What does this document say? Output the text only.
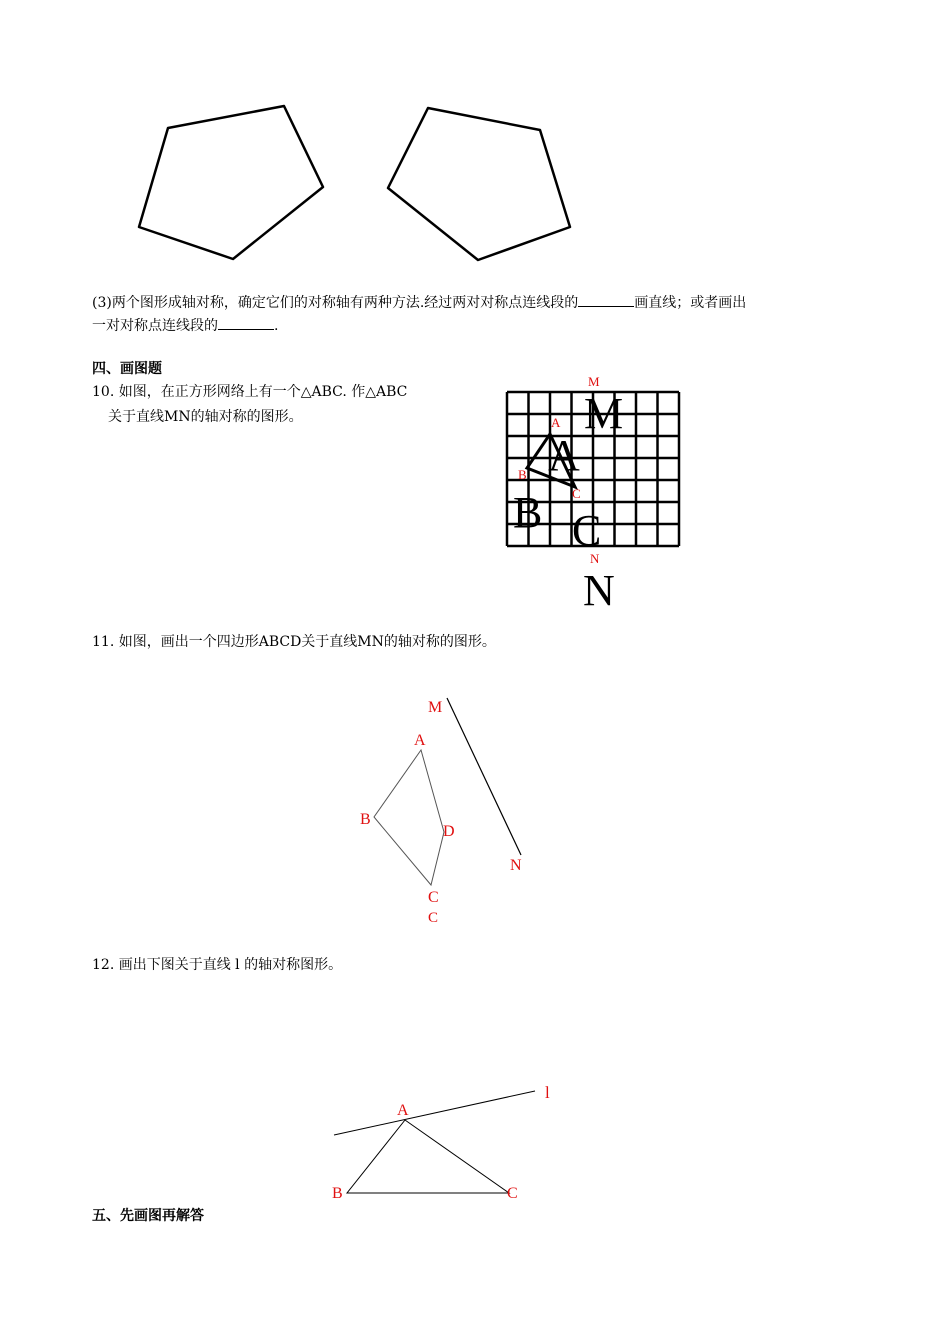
(3)两个图形成轴对称，确定它们的对称轴有两种方法.经过两对对称点连线段的	画直线；或者画出
一对对称点连线段的	.
四、画图题
10. 如图，在正方形网络上有一个△ABC. 作△ABC
关于直线MN的轴对称的图形。
M
M
A
A
B
B C
C
N
N
11. 如图，画出一个四边形ABCD关于直线MN的轴对称的图形。
M
A
B
D
C
C
N
12. 画出下图关于直线 l 的轴对称图形。
l
A
B	C
五、先画图再解答
